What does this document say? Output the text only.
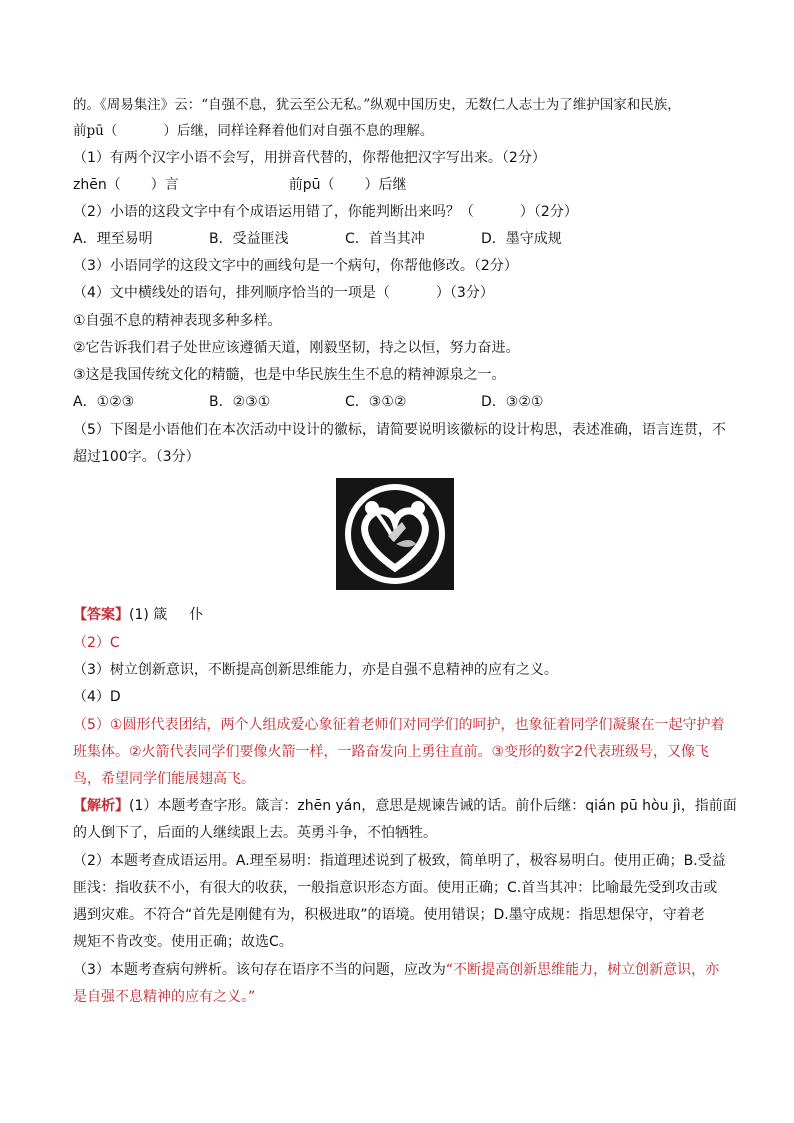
的。《周易集注》云：“自强不息，犹云至公无私。”纵观中国历史，无数仁人志士为了维护国家和民族，
前pū（	）后继，同样诠释着他们对自强不息的理解。
（1）有两个汉字小语不会写，用拼音代替的，你帮他把汉字写出来。（2分）
zhēn（ ）言	前pū（ ）后继
（2）小语的这段文字中有个成语运用错了，你能判断出来吗？（	）（2分）
A．理至易明	B．受益匪浅	C．首当其冲	D．墨守成规
（3）小语同学的这段文字中的画线句是一个病句，你帮他修改。（2分）
（4）文中横线处的语句，排列顺序恰当的一项是（	）（3分）
①自强不息的精神表现多种多样。
②它告诉我们君子处世应该遵循天道，刚毅坚韧，持之以恒，努力奋进。
③这是我国传统文化的精髓，也是中华民族生生不息的精神源泉之一。
A．①②③	B．②③①	C．③①②	D．③②①
（5）下图是小语他们在本次活动中设计的徽标，请简要说明该徽标的设计构思，表述准确，语言连贯，不
超过100字。（3分）
【答案】(1) 箴 仆
（2）C
（3）树立创新意识，不断提高创新思维能力，亦是自强不息精神的应有之义。
（4）D
（5）①圆形代表团结，两个人组成爱心象征着老师们对同学们的呵护，也象征着同学们凝聚在一起守护着
班集体。②火箭代表同学们要像火箭一样，一路奋发向上勇往直前。③变形的数字2代表班级号，又像飞
鸟，希望同学们能展翅高飞。
【解析】(1）本题考查字形。箴言：zhēn yán，意思是规谏告诫的话。前仆后继：qián pū hòu jì，指前面
的人倒下了，后面的人继续跟上去。英勇斗争，不怕牺牲。
（2）本题考查成语运用。A.理至易明：指道理述说到了极致，简单明了，极容易明白。使用正确；B.受益
匪浅：指收获不小，有很大的收获，一般指意识形态方面。使用正确；C.首当其冲：比喻最先受到攻击或
遇到灾难。不符合“首先是刚健有为，积极进取”的语境。使用错误；D.墨守成规：指思想保守，守着老
规矩不肯改变。使用正确；故选C。
（3）本题考查病句辨析。该句存在语序不当的问题，应改为“不断提高创新思维能力，树立创新意识，亦
是自强不息精神的应有之义。”
